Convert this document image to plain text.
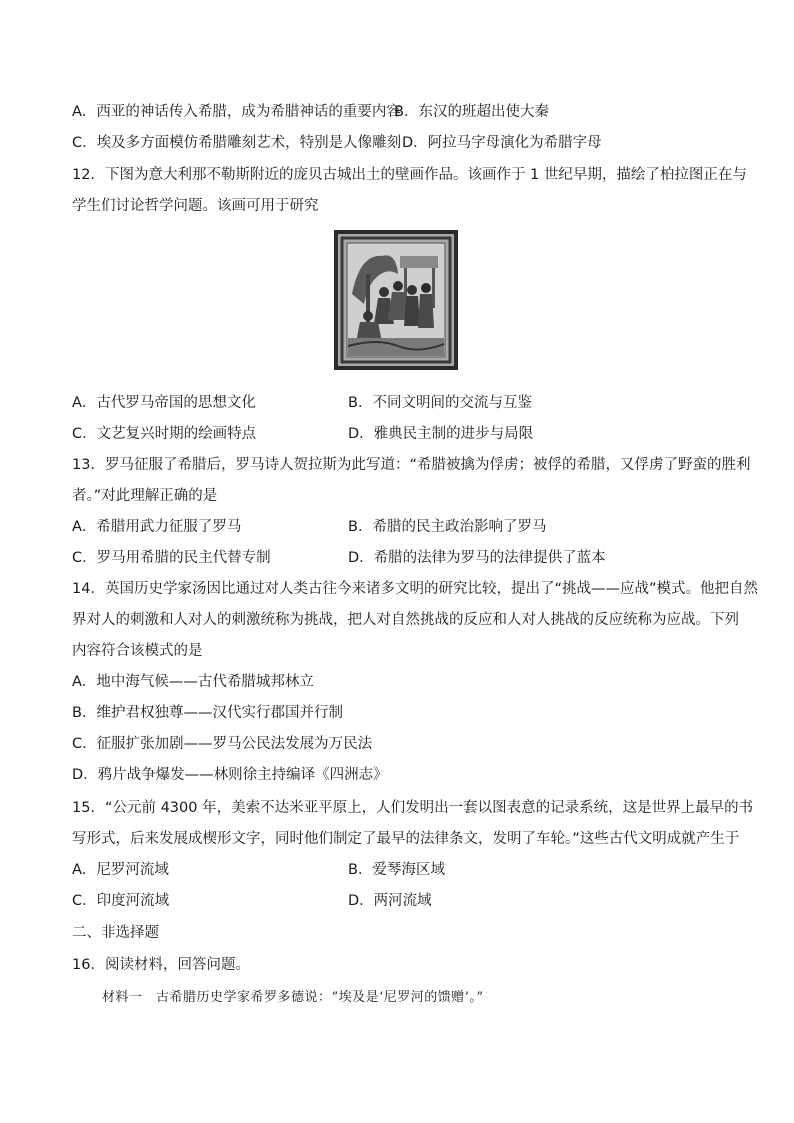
A．西亚的神话传入希腊，成为希腊神话的重要内容
B．东汉的班超出使大秦
C．埃及多方面模仿希腊雕刻艺术，特别是人像雕刻 D．阿拉马字母演化为希腊字母
12．下图为意大利那不勒斯附近的庞贝古城出土的壁画作品。该画作于 1 世纪早期，描绘了柏拉图正在与
学生们讨论哲学问题。该画可用于研究
A．古代罗马帝国的思想文化	B．不同文明间的交流与互鉴
C．文艺复兴时期的绘画特点	D．雅典民主制的进步与局限
13．罗马征服了希腊后，罗马诗人贺拉斯为此写道：“希腊被擒为俘虏；被俘的希腊，又俘虏了野蛮的胜利
者。”对此理解正确的是
A．希腊用武力征服了罗马	B．希腊的民主政治影响了罗马
C．罗马用希腊的民主代替专制	D．希腊的法律为罗马的法律提供了蓝本
14．英国历史学家汤因比通过对人类古往今来诸多文明的研究比较，提出了“挑战——应战”模式。他把自然
界对人的刺激和人对人的刺激统称为挑战，把人对自然挑战的反应和人对人挑战的反应统称为应战。下列
内容符合该模式的是
A．地中海气候——古代希腊城邦林立
B．维护君权独尊——汉代实行郡国并行制
C．征服扩张加剧——罗马公民法发展为万民法
D．鸦片战争爆发——林则徐主持编译《四洲志》
15．“公元前 4300 年，美索不达米亚平原上，人们发明出一套以图表意的记录系统，这是世界上最早的书
写形式，后来发展成楔形文字，同时他们制定了最早的法律条文，发明了车轮。”这些古代文明成就产生于
A．尼罗河流域	B．爱琴海区域
C．印度河流域	D．两河流域
二、非选择题
16．阅读材料，回答问题。
材料一　古希腊历史学家希罗多德说：“埃及是‘尼罗河的馈赠’。”
